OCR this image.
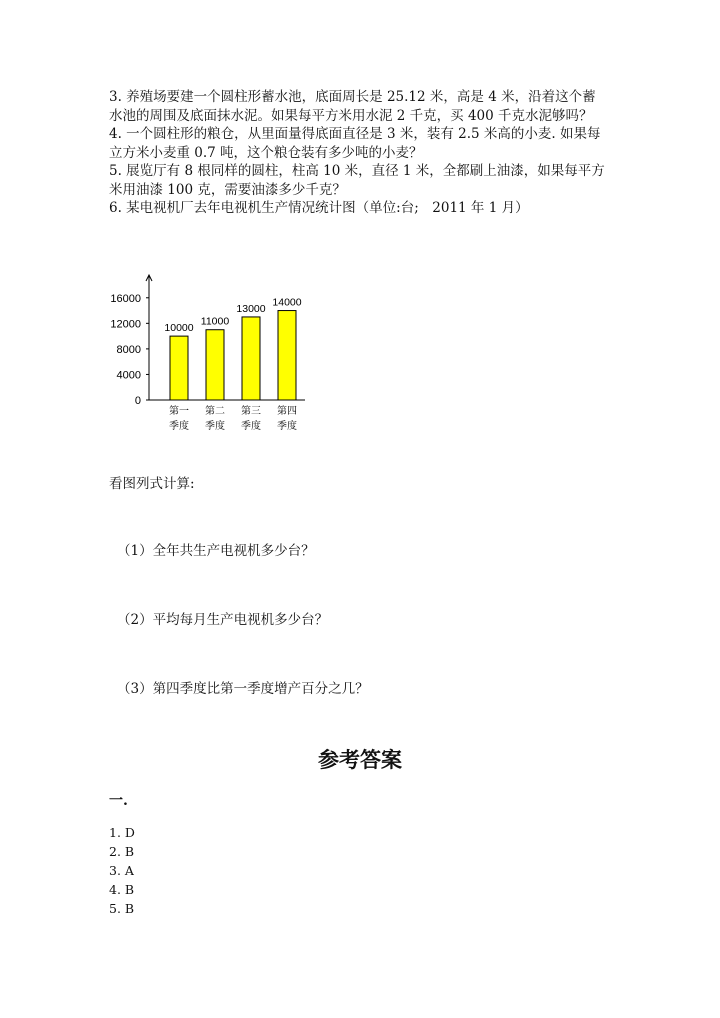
3. 养殖场要建一个圆柱形蓄水池，底面周长是 25.12 米，高是 4 米，沿着这个蓄水池的周围及底面抹水泥。如果每平方米用水泥 2 千克，买 400 千克水泥够吗？

4. 一个圆柱形的粮仓，从里面量得底面直径是 3 米，装有 2.5 米高的小麦. 如果每立方米小麦重 0.7 吨，这个粮仓装有多少吨的小麦？

5. 展览厅有 8 根同样的圆柱，柱高 10 米，直径 1 米，全都刷上油漆，如果每平方米用油漆 100 克，需要油漆多少千克？

6. 某电视机厂去年电视机生产情况统计图（单位:台;　2011 年 1 月）

0
4000
8000
12000
16000
10000
第一
季度
11000
第二
季度
13000
第三
季度
14000
第四
季度
看图列式计算:
（1）全年共生产电视机多少台？
（2）平均每月生产电视机多少台？
（3）第四季度比第一季度增产百分之几？
参考答案
一.
1. D
2. B
3. A
4. B
5. B
